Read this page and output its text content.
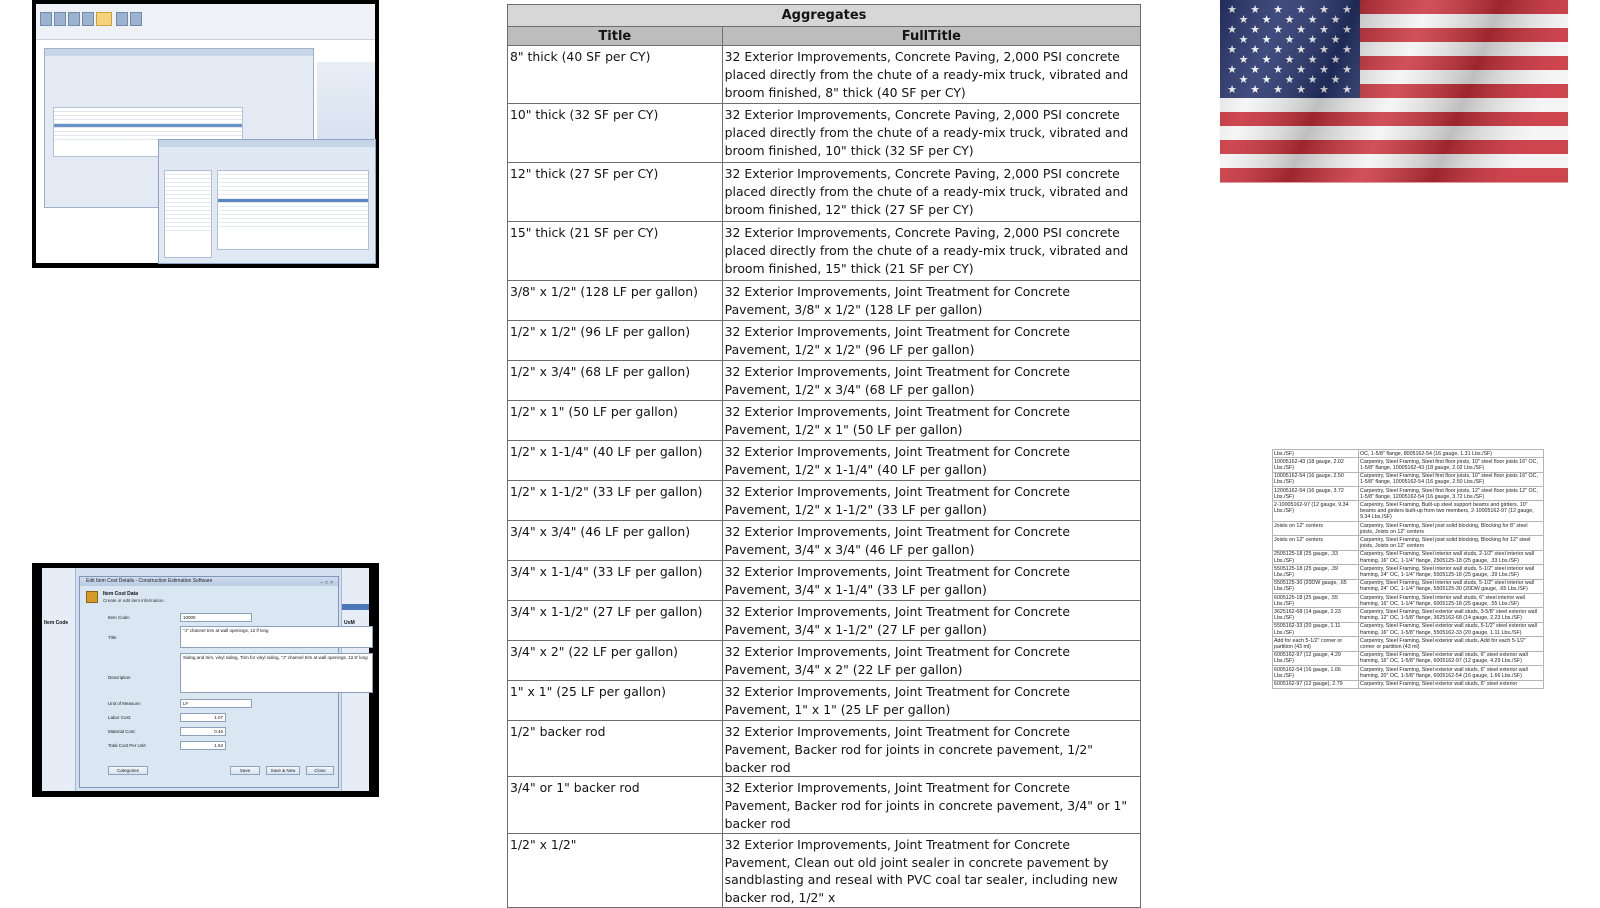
Item Code	UoM
Edit Item Cost Details - Construction Estimation Software	–□×
Item Cost Data
Create or edit item information.
Item Code:	10000
Title
"J" channel trim at wall openings, 12 lf long
Description
Siding and trim, vinyl siding, Trim for vinyl siding, "J" channel trim at wall openings, 12.5' long
Unit of Measure:	LF
Labor Cost:	1.07
Material Cost:	0.46
Total Cost Per Unit:	1.53
Categories	Save	Save & New	Close
Aggregates	
Title	FullTitle
8" thick (40 SF per CY)	32 Exterior Improvements, Concrete Paving, 2,000 PSI concrete placed directly from the chute of a ready-mix truck, vibrated and broom finished, 8" thick (40 SF per CY)
10" thick (32 SF per CY)	32 Exterior Improvements, Concrete Paving, 2,000 PSI concrete placed directly from the chute of a ready-mix truck, vibrated and broom finished, 10" thick (32 SF per CY)
12" thick (27 SF per CY)	32 Exterior Improvements, Concrete Paving, 2,000 PSI concrete placed directly from the chute of a ready-mix truck, vibrated and broom finished, 12" thick (27 SF per CY)
15" thick (21 SF per CY)	32 Exterior Improvements, Concrete Paving, 2,000 PSI concrete placed directly from the chute of a ready-mix truck, vibrated and broom finished, 15" thick (21 SF per CY)
3/8" x 1/2" (128 LF per gallon)	32 Exterior Improvements, Joint Treatment for Concrete Pavement, 3/8" x 1/2" (128 LF per gallon)
1/2" x 1/2" (96 LF per gallon)	32 Exterior Improvements, Joint Treatment for Concrete Pavement, 1/2" x 1/2" (96 LF per gallon)
1/2" x 3/4" (68 LF per gallon)	32 Exterior Improvements, Joint Treatment for Concrete Pavement, 1/2" x 3/4" (68 LF per gallon)
1/2" x 1" (50 LF per gallon)	32 Exterior Improvements, Joint Treatment for Concrete Pavement, 1/2" x 1" (50 LF per gallon)
1/2" x 1-1/4" (40 LF per gallon)	32 Exterior Improvements, Joint Treatment for Concrete Pavement, 1/2" x 1-1/4" (40 LF per gallon)
1/2" x 1-1/2" (33 LF per gallon)	32 Exterior Improvements, Joint Treatment for Concrete Pavement, 1/2" x 1-1/2" (33 LF per gallon)
3/4" x 3/4" (46 LF per gallon)	32 Exterior Improvements, Joint Treatment for Concrete Pavement, 3/4" x 3/4" (46 LF per gallon)
3/4" x 1-1/4" (33 LF per gallon)	32 Exterior Improvements, Joint Treatment for Concrete Pavement, 3/4" x 1-1/4" (33 LF per gallon)
3/4" x 1-1/2" (27 LF per gallon)	32 Exterior Improvements, Joint Treatment for Concrete Pavement, 3/4" x 1-1/2" (27 LF per gallon)
3/4" x 2" (22 LF per gallon)	32 Exterior Improvements, Joint Treatment for Concrete Pavement, 3/4" x 2" (22 LF per gallon)
1" x 1" (25 LF per gallon)	32 Exterior Improvements, Joint Treatment for Concrete Pavement, 1" x 1" (25 LF per gallon)
1/2" backer rod	32 Exterior Improvements, Joint Treatment for Concrete Pavement, Backer rod for joints in concrete pavement, 1/2" backer rod
3/4" or 1" backer rod	32 Exterior Improvements, Joint Treatment for Concrete Pavement, Backer rod for joints in concrete pavement, 3/4" or 1" backer rod
1/2" x 1/2"	32 Exterior Improvements, Joint Treatment for Concrete Pavement, Clean out old joint sealer in concrete pavement by sandblasting and reseal with PVC coal tar sealer, including new backer rod, 1/2" x
Lbs./SF)	OC, 1-5/8" flange, 8005162-54 (16 gauge, 1.31 Lbs./SF)
10005162-43 (18 gauge, 2.02 Lbs./SF)	Carpentry, Steel Framing, Steel first floor joists, 10" steel floor joists 16" OC, 1-5/8" flange, 10005162-43 (18 gauge, 2.02 Lbs./SF)
10005162-54 (16 gauge, 2.50 Lbs./SF)	Carpentry, Steel Framing, Steel first floor joists, 10" steel floor joists 16" OC, 1-5/8" flange, 10005162-54 (16 gauge, 2.50 Lbs./SF)
12005162-54 (16 gauge, 3.72 Lbs./SF)	Carpentry, Steel Framing, Steel first floor joists, 12" steel floor joists 12" OC, 1-5/8" flange, 12005162-54 (16 gauge, 3.72 Lbs./SF)
2-10005162-97 (12 gauge, 9.34 Lbs./SF)	Carpentry, Steel Framing, Built-up steel support beams and girders, 10" beams and girders built-up from two members, 2-10005162-97 (12 gauge, 9.34 Lbs./SF)
Joists on 12" centers	Carpentry, Steel Framing, Steel joist solid blocking, Blocking for 8" steel joists, Joists on 12" centers
Joists on 12" centers	Carpentry, Steel Framing, Steel joist solid blocking, Blocking for 12" steel joists, Joists on 12" centers
2505125-18 (25 gauge, .33 Lbs./SF)	Carpentry, Steel Framing, Steel interior wall studs, 2-1/2" steel interior wall framing, 16" OC, 1-1/4" flange, 2505125-18 (25 gauge, .33 Lbs./SF)
5505125-18 (25 gauge, .39 Lbs./SF)	Carpentry, Steel Framing, Steel interior wall studs, 5-1/2" steel interior wall framing, 24" OC, 1-1/4" flange, 5505125-18 (25 gauge, .39 Lbs./SF)
5505125-30 (20DW gauge, .65 Lbs./SF)	Carpentry, Steel Framing, Steel interior wall studs, 5-1/2" steel interior wall framing, 24" OC, 1-1/4" flange, 5505125-30 (20DW gauge, .65 Lbs./SF)
6005125-18 (25 gauge, .55 Lbs./SF)	Carpentry, Steel Framing, Steel interior wall studs, 6" steel interior wall framing, 16" OC, 1-1/4" flange, 6005125-18 (25 gauge, .55 Lbs./SF)
3625162-68 (14 gauge, 2.23 Lbs./SF)	Carpentry, Steel Framing, Steel exterior wall studs, 3-5/8" steel exterior wall framing, 12" OC, 1-5/8" flange, 3625162-68 (14 gauge, 2.23 Lbs./SF)
5505162-33 (20 gauge, 1.11 Lbs./SF)	Carpentry, Steel Framing, Steel exterior wall studs, 5-1/2" steel exterior wall framing, 16" OC, 1-5/8" flange, 5505162-33 (20 gauge, 1.11 Lbs./SF)
Add for each 5-1/2" corner or partition (43 ml)	Carpentry, Steel Framing, Steel exterior wall studs, Add for each 5-1/2" corner or partition (43 ml)
6005162-97 (12 gauge, 4.29 Lbs./SF)	Carpentry, Steel Framing, Steel exterior wall studs, 6" steel exterior wall framing, 16" OC, 1-5/8" flange, 6005162-97 (12 gauge, 4.29 Lbs./SF)
6005162-54 (16 gauge, 1.66 Lbs./SF)	Carpentry, Steel Framing, Steel exterior wall studs, 6" steel exterior wall framing, 20" OC, 1-5/8" flange, 6005162-54 (16 gauge, 1.66 Lbs./SF)
6005162-97 (12 gauge), 2.79	Carpentry, Steel Framing, Steel exterior wall studs, 6" steel exterior
